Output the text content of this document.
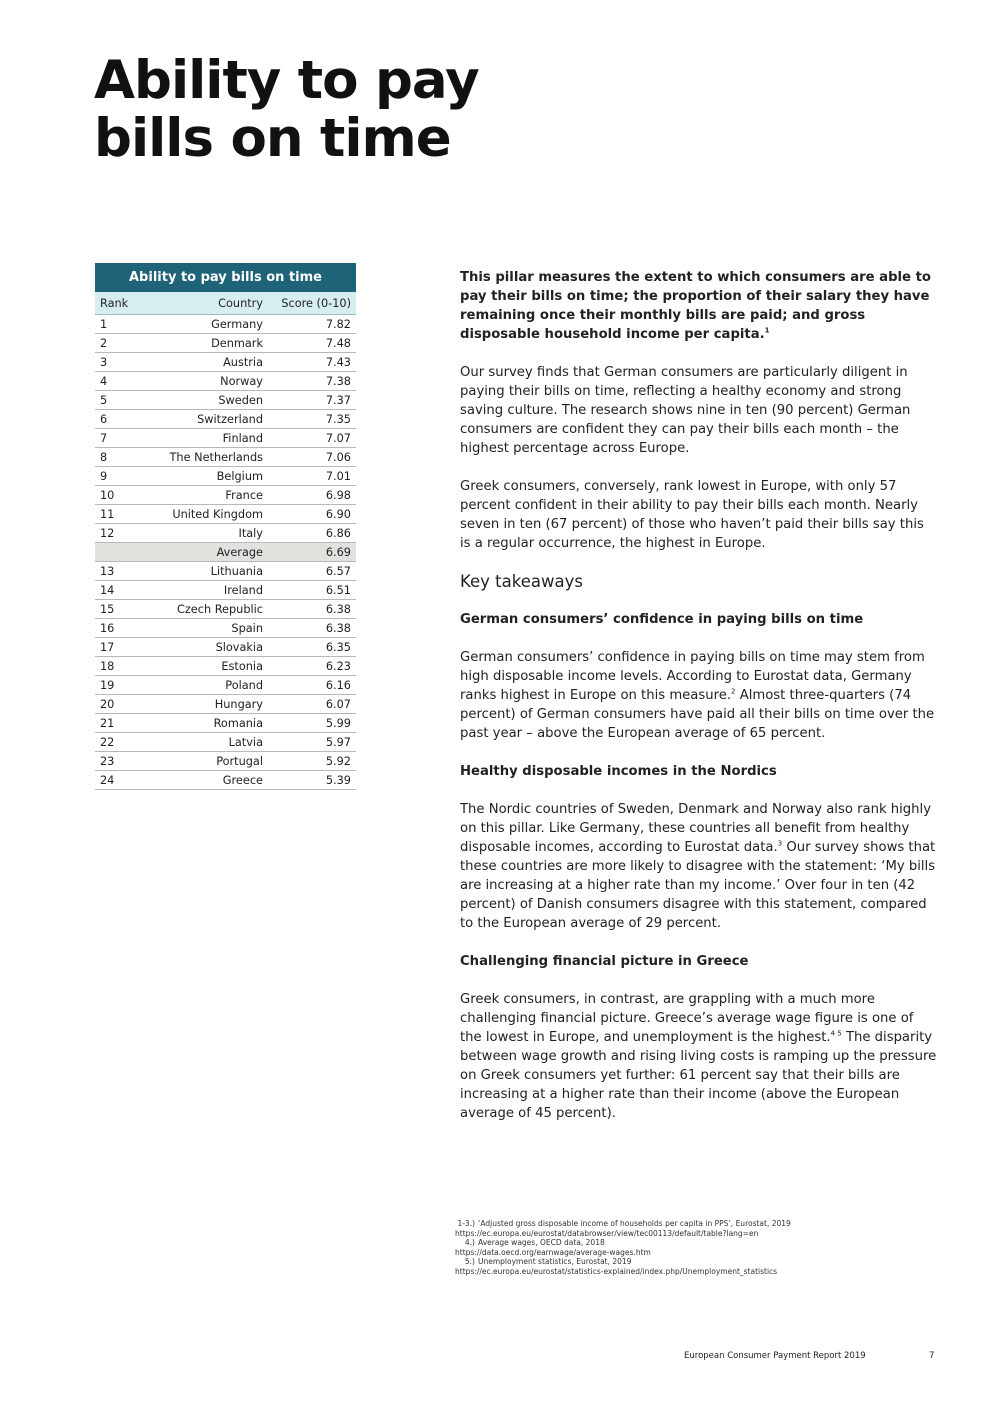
Ability to pay
bills on time
Ability to pay bills on time		
Rank	Country	Score (0-10)
1	Germany	7.82
2	Denmark	7.48
3	Austria	7.43
4	Norway	7.38
5	Sweden	7.37
6	Switzerland	7.35
7	Finland	7.07
8	The Netherlands	7.06
9	Belgium	7.01
10	France	6.98
11	United Kingdom	6.90
12	Italy	6.86
	Average	6.69
13	Lithuania	6.57
14	Ireland	6.51
15	Czech Republic	6.38
16	Spain	6.38
17	Slovakia	6.35
18	Estonia	6.23
19	Poland	6.16
20	Hungary	6.07
21	Romania	5.99
22	Latvia	5.97
23	Portugal	5.92
24	Greece	5.39

This pillar measures the extent to which consumers are able to pay their bills on time; the proportion of their salary they have remaining once their monthly bills are paid; and gross disposable household income per capita.$^1$

Our survey finds that German consumers are particularly diligent in paying their bills on time, reflecting a healthy economy and strong saving culture. The research shows nine in ten (90 percent) German consumers are confident they can pay their bills each month – the highest percentage across Europe.

Greek consumers, conversely, rank lowest in Europe, with only 57 percent confident in their ability to pay their bills each month. Nearly seven in ten (67 percent) of those who haven’t paid their bills say this is a regular occurrence, the highest in Europe.

Key takeaways

German consumers’ confidence in paying bills on time

German consumers’ confidence in paying bills on time may stem from high disposable income levels. According to Eurostat data, Germany ranks highest in Europe on this measure.$^2$ Almost three-quarters (74 percent) of German consumers have paid all their bills on time over the past year – above the European average of 65 percent.

Healthy disposable incomes in the Nordics

The Nordic countries of Sweden, Denmark and Norway also rank highly on this pillar. Like Germany, these countries all benefit from healthy disposable incomes, according to Eurostat data.$^3$ Our survey shows that these countries are more likely to disagree with the statement: ‘My bills are increasing at a higher rate than my income.’ Over four in ten (42 percent) of Danish consumers disagree with this statement, compared to the European average of 29 percent.

Challenging financial picture in Greece

Greek consumers, in contrast, are grappling with a much more challenging financial picture. Greece’s average wage figure is one of the lowest in Europe, and unemployment is the highest.$^{4 5}$ The disparity between wage growth and rising living costs is ramping up the pressure on Greek consumers yet further: 61 percent say that their bills are increasing at a higher rate than their income (above the European average of 45 percent).

1-3.) ‘Adjusted gross disposable income of households per capita in PPS’, Eurostat, 2019
https://ec.europa.eu/eurostat/databrowser/view/tec00113/default/table?lang=en
4.) Average wages, OECD data, 2018
https://data.oecd.org/earnwage/average-wages.htm
5.) Unemployment statistics, Eurostat, 2019
https://ec.europa.eu/eurostat/statistics-explained/index.php/Unemployment_statistics
European Consumer Payment Report 2019	7
